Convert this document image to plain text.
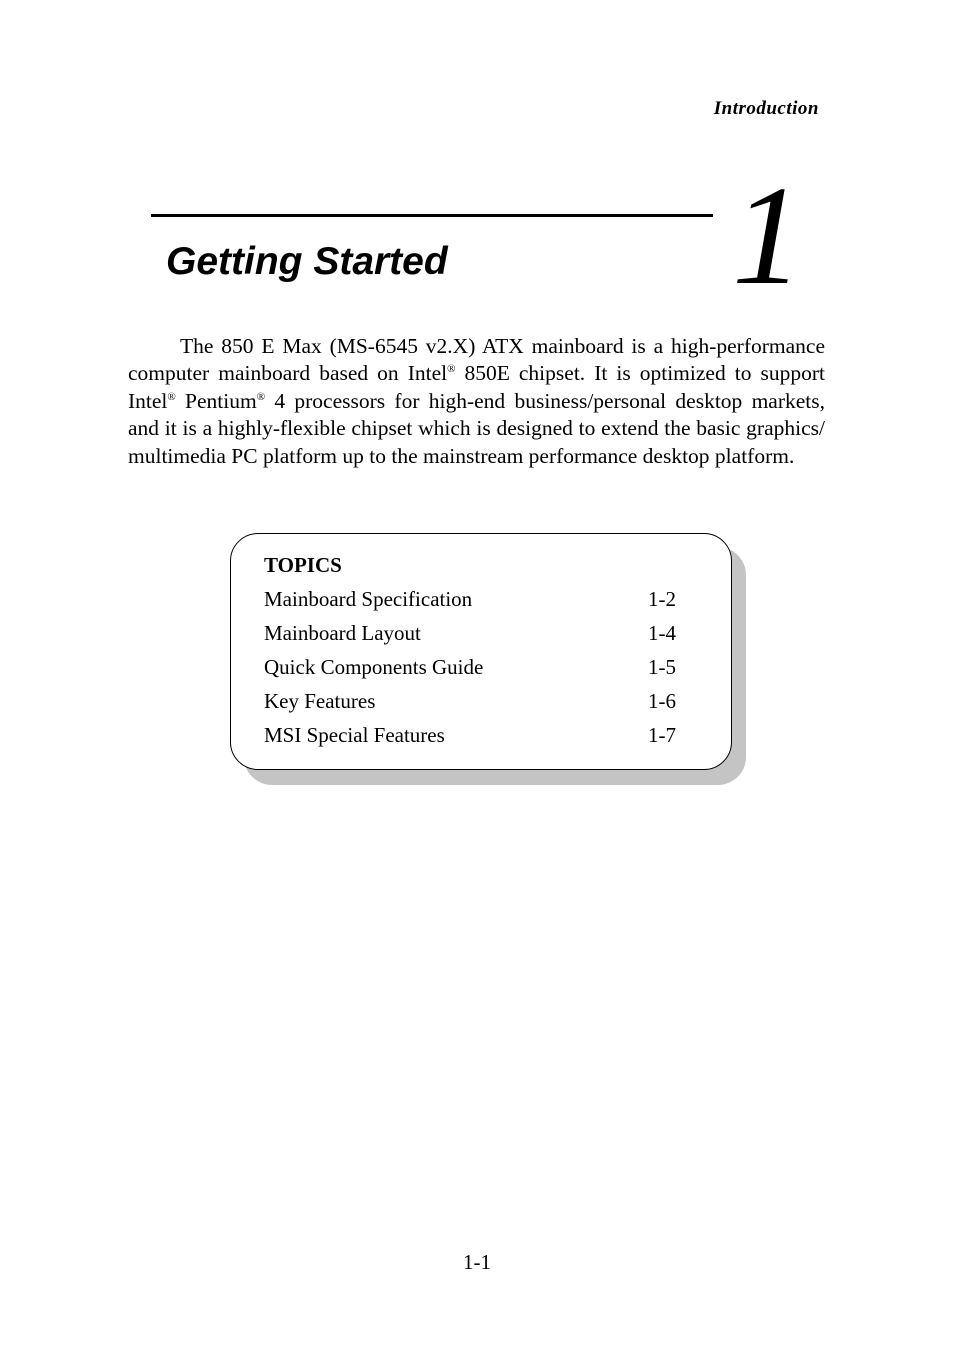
Introduction
Getting Started 1
The 850 E Max (MS-6545 v2.X) ATX mainboard is a high-performance
computer mainboard based on Intel® 850E chipset. It is optimized to support
Intel® Pentium® 4 processors for high-end business/personal desktop markets,
and it is a highly-flexible chipset which is designed to extend the basic graphics/
multimedia PC platform up to the mainstream performance desktop platform.
TOPICS
Mainboard Specification	1-2
Mainboard Layout	1-4
Quick Components Guide	1-5
Key Features	1-6
MSI Special Features	1-7
1-1
